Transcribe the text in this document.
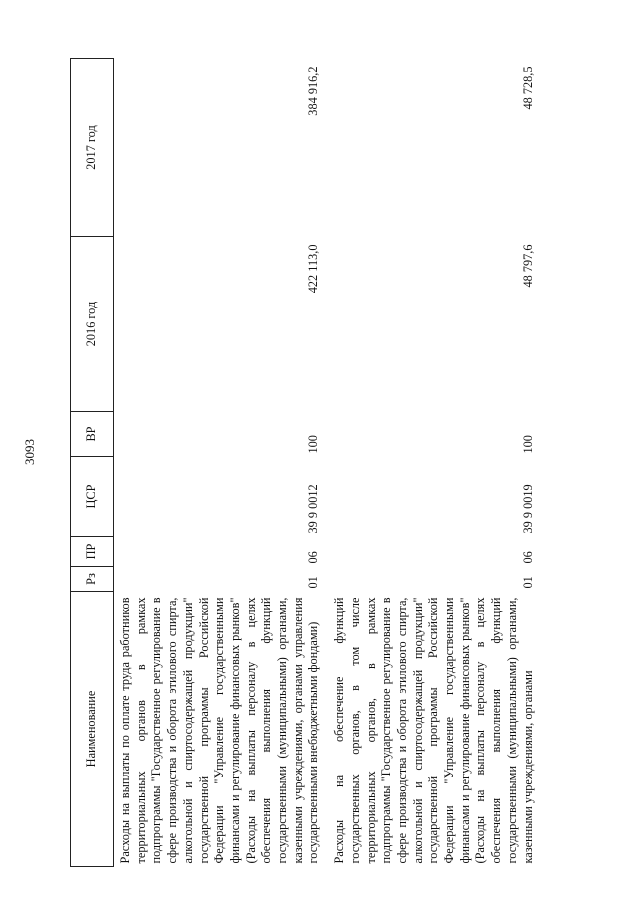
3093
Наименование	Рз	ПР	ЦСР	ВР	2016 год	2017 год
Расходы на выплаты по оплате труда работников территориальных органов в рамках подпрограммы "Государственное регулирование в сфере производства и оборота этилового спирта, алкогольной и спиртосодержащей продукции" государственной программы Российской Федерации "Управление государственными финансами и регулирование финансовых рынков" (Расходы на выплаты персоналу в целях обеспечения выполнения функций государственными (муниципальными) органами, казенными учреждениями, органами управления государственными внебюджетными фондами)	01	06	39 9 0012	100	422 113,0	384 916,2
Расходы на обеспечение функций государственных органов, в том числе территориальных органов, в рамках подпрограммы "Государственное регулирование в сфере производства и оборота этилового спирта, алкогольной и спиртосодержащей продукции" государственной программы Российской Федерации "Управление государственными финансами и регулирование финансовых рынков" (Расходы на выплаты персоналу в целях обеспечения выполнения функций государственными (муниципальными) органами, казенными учреждениями, органами	01	06	39 9 0019	100	48 797,6	48 728,5
